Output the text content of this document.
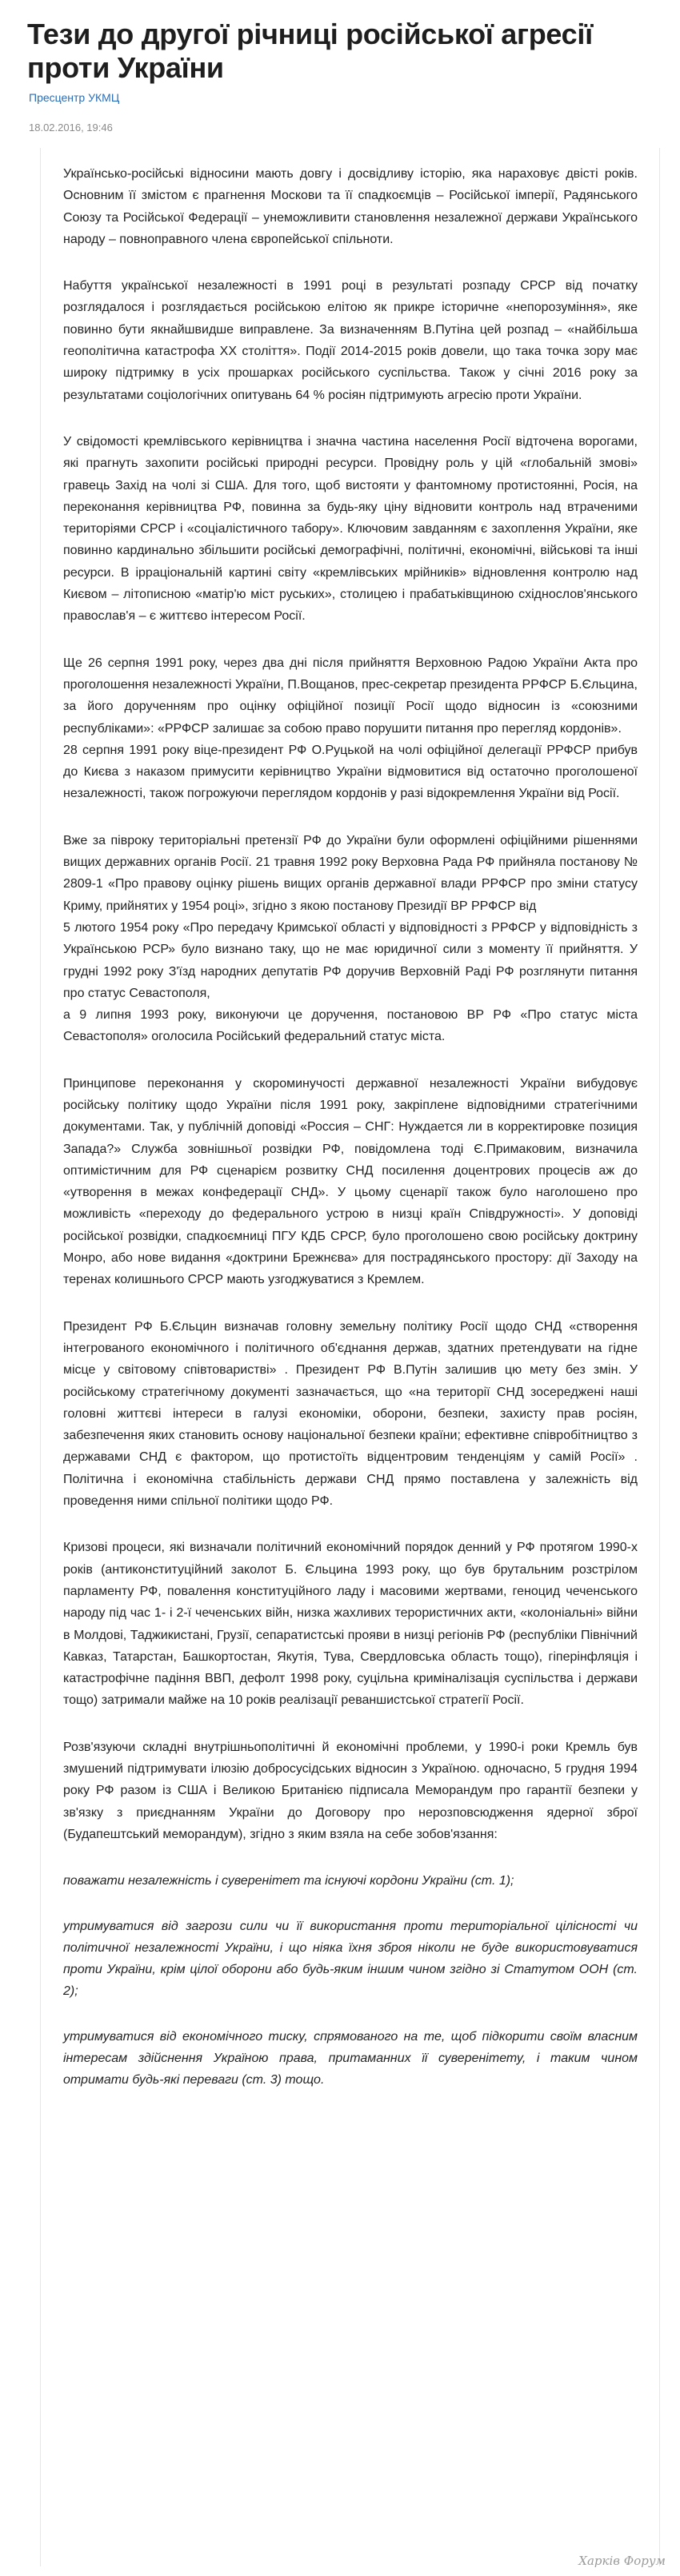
Тези до другої річниці російської агресії проти України
Пресцентр УКМЦ
18.02.2016, 19:46

Українсько-російські відносини мають довгу і досвідливу історію, яка нараховує двісті років. Основним її змістом є прагнення Москови та її спадкоємців – Російської імперії, Радянського Союзу та Російської Федерації – унеможливити становлення незалежної держави Українського народу – повноправного члена європейської спільноти.

Набуття української незалежності в 1991 році в результаті розпаду СРСР від початку розглядалося і розглядається російською елітою як прикре історичне «непорозуміння», яке повинно бути якнайшвидше виправлене. За визначенням В.Путіна цей розпад – «найбільша геополітична катастрофа XX століття». Події 2014-2015 років довели, що така точка зору має широку підтримку в усіх прошарках російського суспільства. Також у січні 2016 року за результатами соціологічних опитувань 64 % росіян підтримують агресію проти України.

У свідомості кремлівського керівництва і значна частина населення Росії відточена ворогами, які прагнуть захопити російські природні ресурси. Провідну роль у цій «глобальній змові» гравець Захід на чолі зі США. Для того, щоб вистояти у фантомному протистоянні, Росія, на переконання керівництва РФ, повинна за будь-яку ціну відновити контроль над втраченими територіями СРСР і «соціалістичного табору». Ключовим завданням є захоплення України, яке повинно кардинально збільшити російські демографічні, політичні, економічні, військові та інші ресурси. В ірраціональній картині світу «кремлівських мрійників» відновлення контролю над Києвом – літописною «матір'ю міст руських», столицею і прабатьківщиною східнослов'янського православ'я – є життєво інтересом Росії.

Ще 26 серпня 1991 року, через два дні після прийняття Верховною Радою України Акта про проголошення незалежності України, П.Вощанов, прес-секретар президента РРФСР Б.Єльцина, за його дорученням про оцінку офіційної позиції Росії щодо відносин із «союзними республіками»: «РРФСР залишає за собою право порушити питання про перегляд кордонів».
28 серпня 1991 року віце-президент РФ О.Руцькой на чолі офіційної делегації РРФСР прибув до Києва з наказом примусити керівництво України відмовитися від остаточно проголошеної незалежності, також погрожуючи переглядом кордонів у разі відокремлення України від Росії.

Вже за півроку територіальні претензії РФ до України були оформлені офіційними рішеннями вищих державних органів Росії. 21 травня 1992 року Верховна Рада РФ прийняла постанову № 2809-1 «Про правову оцінку рішень вищих органів державної влади РРФСР про зміни статусу Криму, прийнятих у 1954 році», згідно з якою постанову Президії ВР РРФСР від
5 лютого 1954 року «Про передачу Кримської області у відповідності з РРФСР у відповідність з Українською РСР» було визнано таку, що не має юридичної сили з моменту її прийняття. У грудні 1992 року З'їзд народних депутатів РФ доручив Верховній Раді РФ розглянути питання про статус Севастополя,
а 9 липня 1993 року, виконуючи це доручення, постановою ВР РФ «Про статус міста Севастополя» оголосила Російський федеральний статус міста.

Принципове переконання у скороминучості державної незалежності України вибудовує російську політику щодо України після 1991 року, закріплене відповідними стратегічними документами. Так, у публічній доповіді «Россия – СНГ: Нуждается ли в корректировке позиция Запада?» Служба зовнішньої розвідки РФ, повідомлена тоді Є.Примаковим, визначила оптимістичним для РФ сценарієм розвитку СНД посилення доцентрових процесів аж до «утворення в межах конфедерації СНД». У цьому сценарії також було наголошено про можливість «переходу до федерального устрою в низці країн Співдружності». У доповіді російської розвідки, спадкоємниці ПГУ КДБ СРСР, було проголошено свою російську доктрину Монро, або нове видання «доктрини Брежнєва» для пострадянського простору: дії Заходу на теренах колишнього СРСР мають узгоджуватися з Кремлем.

Президент РФ Б.Єльцин визначав головну земельну політику Росії щодо СНД «створення інтегрованого економічного і політичного об'єднання держав, здатних претендувати на гідне місце у світовому співтоваристві» . Президент РФ В.Путін залишив цю мету без змін. У російському стратегічному документі зазначається, що «на території СНД зосереджені наші головні життєві інтереси в галузі економіки, оборони, безпеки, захисту прав росіян, забезпечення яких становить основу національної безпеки країни; ефективне співробітництво з державами СНД є фактором, що протистоїть відцентровим тенденціям у самій Росії» . Політична і економічна стабільність держави СНД прямо поставлена у залежність від проведення ними спільної політики щодо РФ.

Кризові процеси, які визначали політичний економічний порядок денний у РФ протягом 1990-х років (антиконституційний заколот Б. Єльцина 1993 року, що був брутальним розстрілом парламенту РФ, повалення конституційного ладу і масовими жертвами, геноцид чеченського народу під час 1- і 2-ї чеченських війн, низка жахливих терористичних акти, «колоніальні» війни в Молдові, Таджикистані, Грузії, сепаратистські прояви в низці регіонів РФ (республіки Північний Кавказ, Татарстан, Башкортостан, Якутія, Тува, Свердловська область тощо), гіперінфляція і катастрофічне падіння ВВП, дефолт 1998 року, суцільна криміналізація суспільства і держави тощо) затримали майже на 10 років реалізації реваншистської стратегії Росії.

Розв'язуючи складні внутрішньополітичні й економічні проблеми, у 1990-і роки Кремль був змушений підтримувати ілюзію добросусідських відносин з Україною. одночасно, 5 грудня 1994 року РФ разом із США і Великою Британією підписала Меморандум про гарантії безпеки у зв'язку з приєднанням України до Договору про нерозповсюдження ядерної зброї (Будапештський меморандум), згідно з яким взяла на себе зобов'язання:

поважати незалежність і суверенітет та існуючі кордони України (ст. 1);

утримуватися від загрози сили чи її використання проти територіальної цілісності чи політичної незалежності України, і що ніяка їхня зброя ніколи не буде використовуватися проти України, крім цілої оборони або будь-яким іншим чином згідно зі Статутом ООН (ст. 2);

утримуватися від економічного тиску, спрямованого на те, щоб підкорити своїм власним інтересам здійснення Україною права, притаманних її суверенітету, і таким чином отримати будь-які переваги (ст. 3) тощо.

Харків Форум
